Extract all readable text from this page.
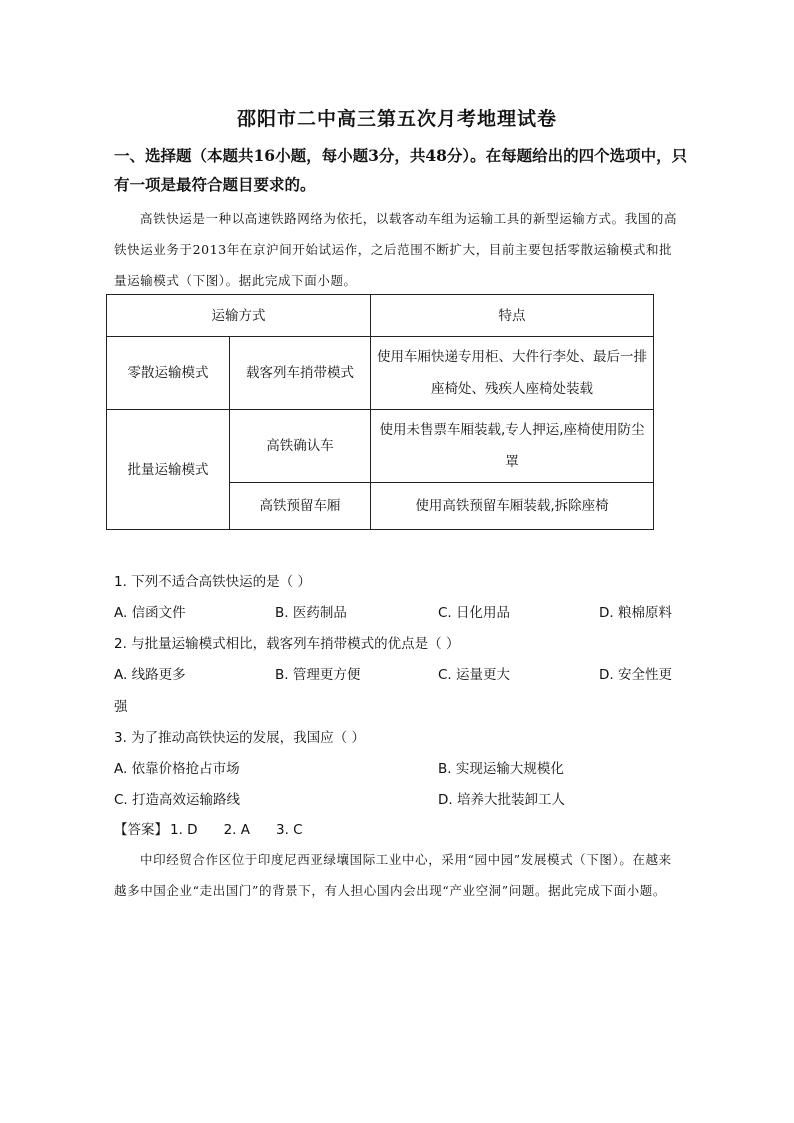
邵阳市二中高三第五次月考地理试卷
一、选择题（本题共16小题，每小题3分，共48分）。在每题给出的四个选项中，只有一项是最符合题目要求的。
高铁快运是一种以高速铁路网络为依托，以载客动车组为运输工具的新型运输方式。我国的高铁快运业务于2013年在京沪间开始试运作，之后范围不断扩大，目前主要包括零散运输模式和批量运输模式（下图）。据此完成下面小题。
运输方式		特点
零散运输模式	载客列车捎带模式	使用车厢快递专用柜、大件行李处、最后一排座椅处、残疾人座椅处装载
批量运输模式	高铁确认车	使用未售票车厢装载,专人押运,座椅使用防尘罩
	高铁预留车厢	使用高铁预留车厢装载,拆除座椅
1. 下列不适合高铁快运的是（ ）
A. 信函文件	B. 医药制品	C. 日化用品	D. 粮棉原料
2. 与批量运输模式相比，载客列车捎带模式的优点是（ ）
A. 线路更多	B. 管理更方便	C. 运量更大	D. 安全性更
强
3. 为了推动高铁快运的发展，我国应（ ）
A. 依靠价格抢占市场	B. 实现运输大规模化
C. 打造高效运输路线	D. 培养大批装卸工人
【答案】 1. D 2. A 3. C
中印经贸合作区位于印度尼西亚绿壤国际工业中心，采用“园中园”发展模式（下图）。在越来越多中国企业“走出国门”的背景下，有人担心国内会出现“产业空洞”问题。据此完成下面小题。
